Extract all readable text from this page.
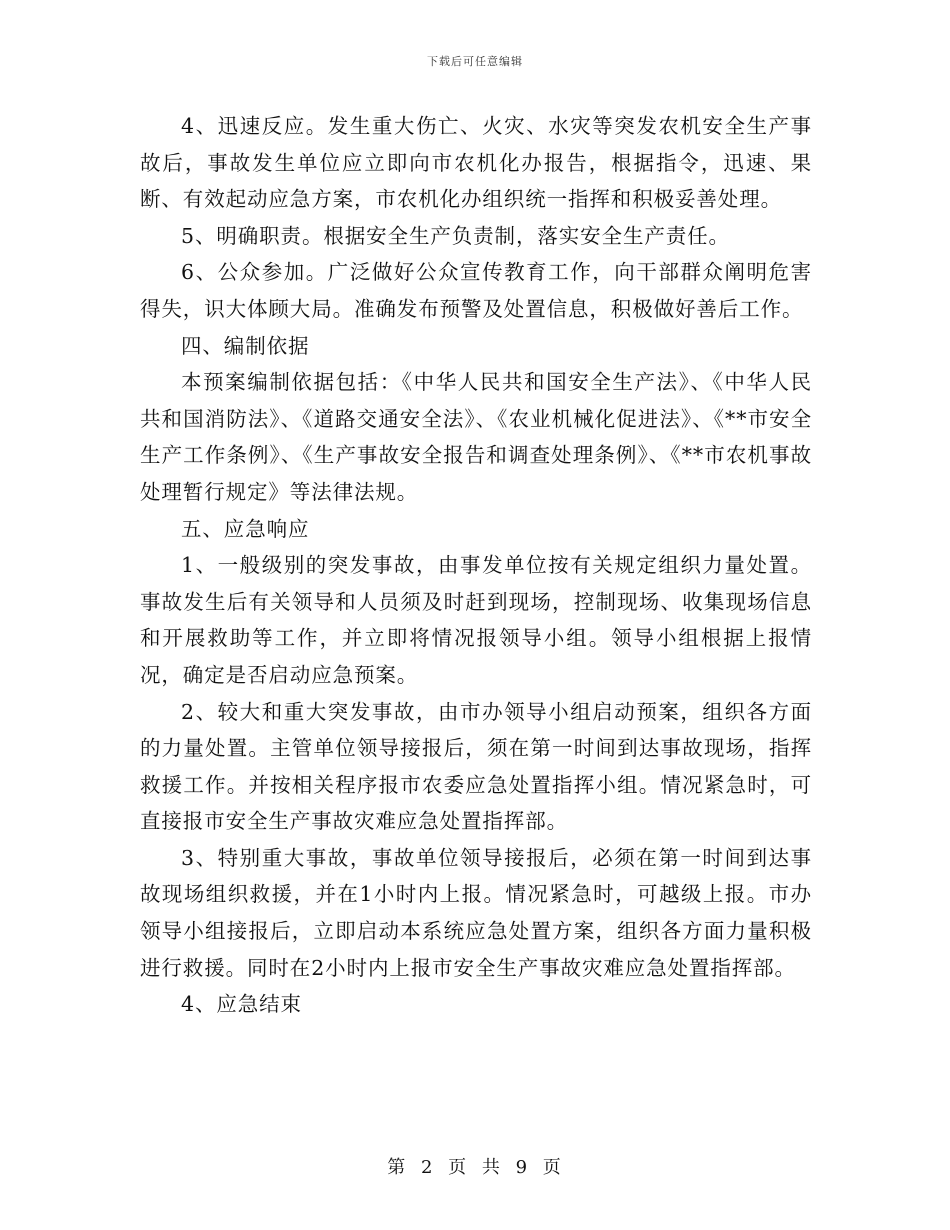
下载后可任意编辑

4、迅速反应。发生重大伤亡、火灾、水灾等突发农机安全生产事故后，事故发生单位应立即向市农机化办报告，根据指令，迅速、果断、有效起动应急方案，市农机化办组织统一指挥和积极妥善处理。

5、明确职责。根据安全生产负责制，落实安全生产责任。

6、公众参加。广泛做好公众宣传教育工作，向干部群众阐明危害得失，识大体顾大局。准确发布预警及处置信息，积极做好善后工作。

四、编制依据

本预案编制依据包括：《中华人民共和国安全生产法》、《中华人民共和国消防法》、《道路交通安全法》、《农业机械化促进法》、《**市安全生产工作条例》、《生产事故安全报告和调查处理条例》、《**市农机事故处理暂行规定》等法律法规。

五、应急响应

1、一般级别的突发事故，由事发单位按有关规定组织力量处置。事故发生后有关领导和人员须及时赶到现场，控制现场、收集现场信息和开展救助等工作，并立即将情况报领导小组。领导小组根据上报情况，确定是否启动应急预案。

2、较大和重大突发事故，由市办领导小组启动预案，组织各方面的力量处置。主管单位领导接报后，须在第一时间到达事故现场，指挥救援工作。并按相关程序报市农委应急处置指挥小组。情况紧急时，可直接报市安全生产事故灾难应急处置指挥部。

3、特别重大事故，事故单位领导接报后，必须在第一时间到达事故现场组织救援，并在1小时内上报。情况紧急时，可越级上报。市办领导小组接报后，立即启动本系统应急处置方案，组织各方面力量积极进行救援。同时在2小时内上报市安全生产事故灾难应急处置指挥部。

4、应急结束

第 2 页 共 9 页
